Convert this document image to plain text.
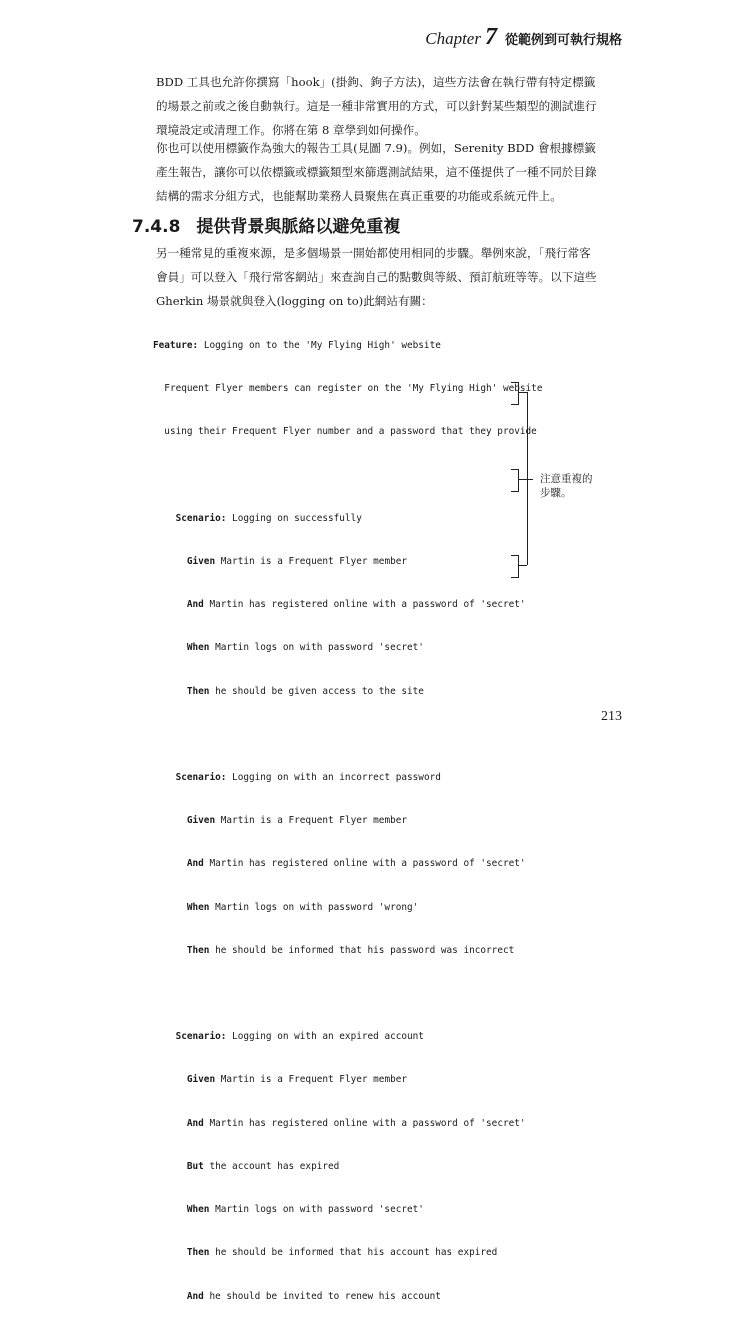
Chapter 7 從範例到可執行規格
BDD 工具也允許你撰寫「hook」(掛鉤、鉤子方法)，這些方法會在執行帶有特定標籤
的場景之前或之後自動執行。這是一種非常實用的方式，可以針對某些類型的測試進行
環境設定或清理工作。你將在第 8 章學到如何操作。
你也可以使用標籤作為強大的報告工具(見圖 7.9)。例如，Serenity BDD 會根據標籤
產生報告，讓你可以依標籤或標籤類型來篩選測試結果，這不僅提供了一種不同於目錄
結構的需求分組方式，也能幫助業務人員聚焦在真正重要的功能或系統元件上。
7.4.8 提供背景與脈絡以避免重複
另一種常見的重複來源，是多個場景一開始都使用相同的步驟。舉例來說，「飛行常客
會員」可以登入「飛行常客網站」來查詢自己的點數與等級、預訂航班等等。以下這些
Gherkin 場景就與登入(logging on to)此網站有關：

Feature: Logging on to the 'My Flying High' website

Frequent Flyer members can register on the 'My Flying High' website

using their Frequent Flyer number and a password that they provide

Scenario: Logging on successfully

Given Martin is a Frequent Flyer member

And Martin has registered online with a password of 'secret'

When Martin logs on with password 'secret'

Then he should be given access to the site

Scenario: Logging on with an incorrect password

Given Martin is a Frequent Flyer member

And Martin has registered online with a password of 'secret'

When Martin logs on with password 'wrong'

Then he should be informed that his password was incorrect

Scenario: Logging on with an expired account

Given Martin is a Frequent Flyer member

And Martin has registered online with a password of 'secret'

But the account has expired

When Martin logs on with password 'secret'

Then he should be informed that his account has expired

And he should be invited to renew his account

注意重複的
步驟。
213
